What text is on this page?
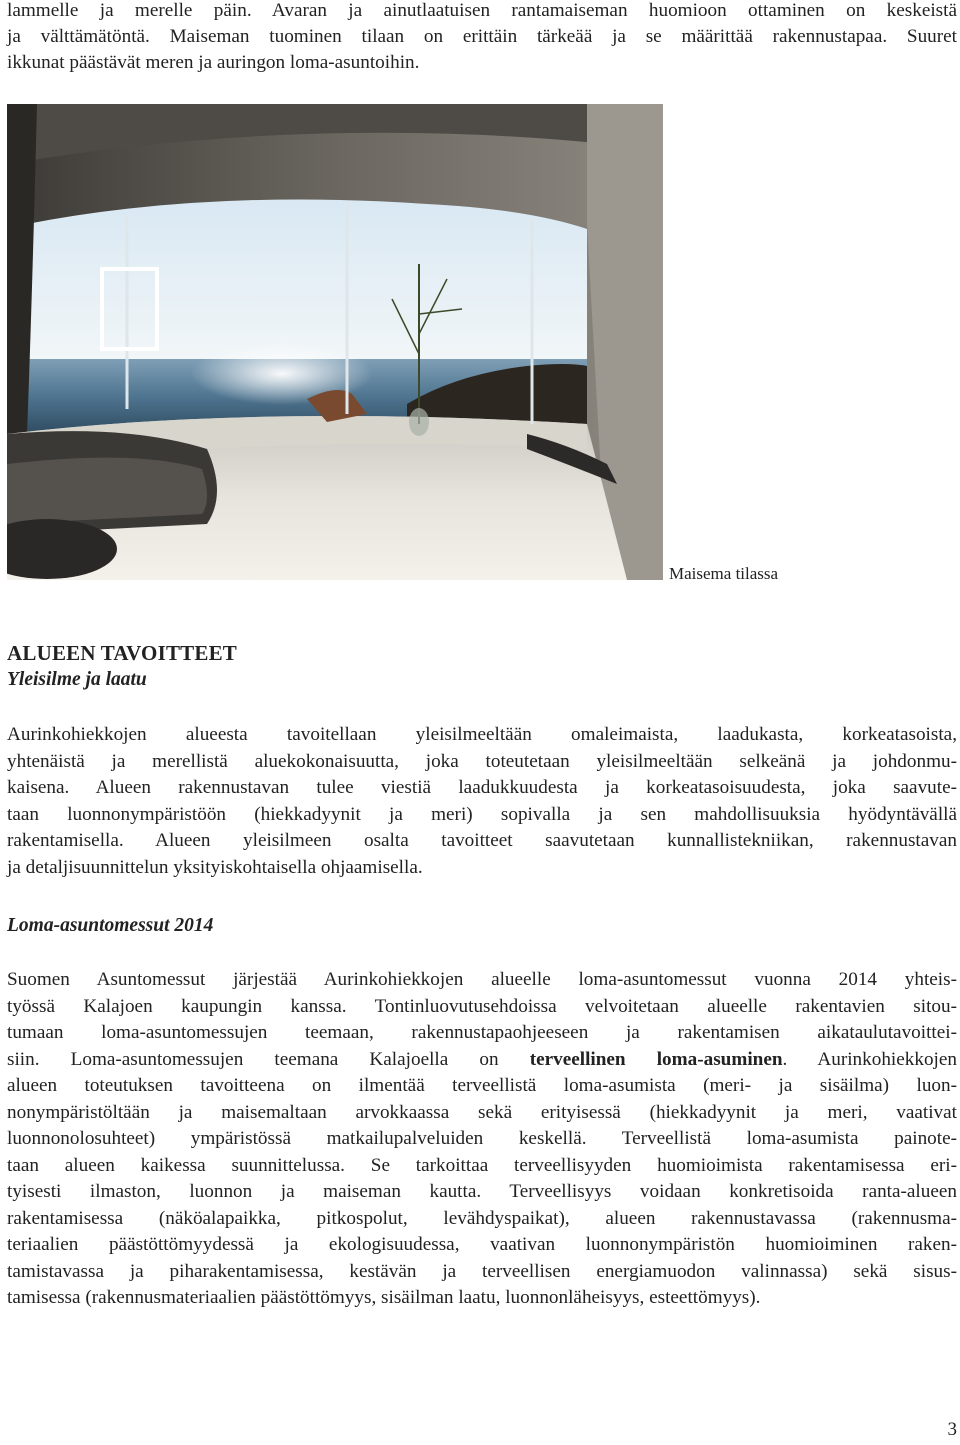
lammelle ja merelle päin. Avaran ja ainutlaatuisen rantamaiseman huomioon ottaminen on keskeistä
ja välttämätöntä. Maiseman tuominen tilaan on erittäin tärkeää ja se määrittää rakennustapaa. Suuret
ikkunat päästävät meren ja auringon loma-asuntoihin.
Maisema tilassa
ALUEEN TAVOITTEET
Yleisilme ja laatu
Aurinkohiekkojen alueesta tavoitellaan yleisilmeeltään omaleimaista, laadukasta, korkeatasoista,
yhtenäistä ja merellistä aluekokonaisuutta, joka toteutetaan yleisilmeeltään selkeänä ja johdonmu-
kaisena. Alueen rakennustavan tulee viestiä laadukkuudesta ja korkeatasoisuudesta, joka saavute-
taan luonnonympäristöön (hiekkadyynit ja meri) sopivalla ja sen mahdollisuuksia hyödyntävällä
rakentamisella. Alueen yleisilmeen osalta tavoitteet saavutetaan kunnallistekniikan, rakennustavan
ja detaljisuunnittelun yksityiskohtaisella ohjaamisella.
Loma-asuntomessut 2014
Suomen Asuntomessut järjestää Aurinkohiekkojen alueelle loma-asuntomessut vuonna 2014 yhteis-
työssä Kalajoen kaupungin kanssa. Tontinluovutusehdoissa velvoitetaan alueelle rakentavien sitou-
tumaan loma-asuntomessujen teemaan, rakennustapaohjeeseen ja rakentamisen aikataulutavoittei-
siin. Loma-asuntomessujen teemana Kalajoella on terveellinen loma-asuminen. Aurinkohiekkojen
alueen toteutuksen tavoitteena on ilmentää terveellistä loma-asumista (meri- ja sisäilma) luon-
nonympäristöltään ja maisemaltaan arvokkaassa sekä erityisessä (hiekkadyynit ja meri, vaativat
luonnonolosuhteet) ympäristössä matkailupalveluiden keskellä. Terveellistä loma-asumista painote-
taan alueen kaikessa suunnittelussa. Se tarkoittaa terveellisyyden huomioimista rakentamisessa eri-
tyisesti ilmaston, luonnon ja maiseman kautta. Terveellisyys voidaan konkretisoida ranta-alueen
rakentamisessa (näköalapaikka, pitkospolut, levähdyspaikat), alueen rakennustavassa (rakennusma-
teriaalien päästöttömyydessä ja ekologisuudessa, vaativan luonnonympäristön huomioiminen raken-
tamistavassa ja piharakentamisessa, kestävän ja terveellisen energiamuodon valinnassa) sekä sisus-
tamisessa (rakennusmateriaalien päästöttömyys, sisäilman laatu, luonnonläheisyys, esteettömyys).
3
